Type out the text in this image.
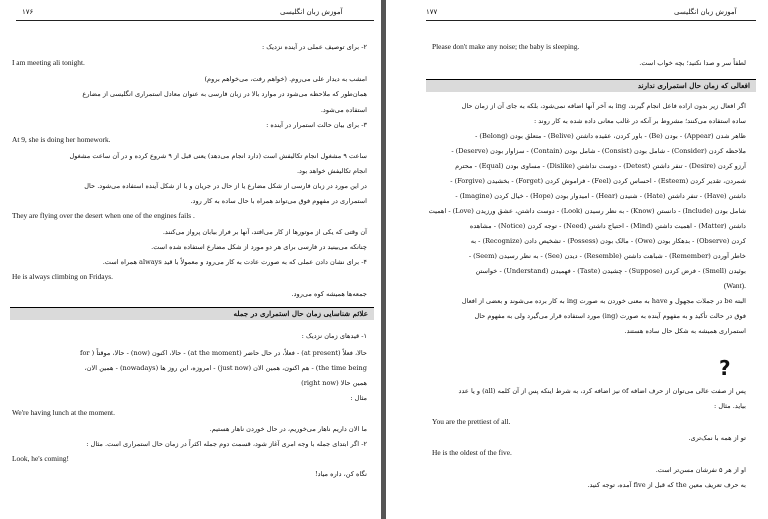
آموزش زبان انگلیسی
۱۷۶
۲- برای توصیف عملی در آینده نزدیک :
I am meeting ali tonight.
امشب به دیدار علی می‌روم. (خواهم رفت، می‌خواهم بروم)
همان‌طور که ملاحظه می‌شود در موارد بالا در زبان فارسی به عنوان معادل استمراری انگلیسی از مضارع
استفاده می‌شود.
۳- برای بیان حالت استمرار در آینده :
At 9, she is doing her homework.
ساعت ۹ مشغول انجام تکالیفش است (دارد انجام می‌دهد) یعنی قبل از ۹ شروع کرده و در آن ساعت مشغول
انجام تکالیفش خواهد بود.
در این مورد در زبان فارسی از شکل مضارع یا از حال در جریان و یا از شکل آینده استفاده می‌شود. حال
استمراری در مفهوم فوق می‌تواند همراه با حال ساده به کار رود.
They are flying over the desert when one of the engines fails .
آن وقتی که یکی از موتورها از کار می‌افتد، آنها بر فراز بیابان پرواز می‌کنند.
چنانکه می‌بینید در فارسی برای هر دو مورد از شکل مضارع استفاده شده است.
۴- برای نشان دادن عملی که به صورت عادت به کار می‌رود و معمولاً با قید always همراه است.
He is always climbing on Fridays.
جمعه‌ها همیشه کوه می‌رود.
علائم شناسایی زمان حال استمراری در جمله
۱- قیدهای زمان نزدیک :
حالا، فعلاً (at present) - فعلاً، در حال حاضر (at the moment) - حالا، اکنون (now) - حالا، موقتاً ( for
the time being) - هم اکنون، همین الان (just now) - امروزه، این روز ها (nowadays) - همین الان،
همین حالا (right now)
مثال :
We're having lunch at the moment.
ما الان داریم ناهار می‌خوریم، در حال خوردن ناهار هستیم.
۲- اگر ابتدای جمله با وجه امری آغاز شود، قسمت دوم جمله اکثراً در زمان حال استمراری است. مثال :
Look, he's coming!
نگاه کن، داره میاد!
آموزش زبان انگلیسی
۱۷۷
Please don't make any noise; the baby is sleeping.
لطفاً سر و صدا نکنید؛ بچه خواب است.
افعالی که زمان حال استمراری ندارند
اگر افعال زیر بدون اراده فاعل انجام گیرند، ing به آخر آنها اضافه نمی‌شود، بلکه به جای آن از زمان حال
ساده استفاده می‌کنند؛ مشروط بر آنکه در غالب معانی داده شده به کار روند :
ظاهر شدن (Appear) - بودن (Be) - باور کردن، عقیده داشتن (Belive) - متعلق بودن (Belong) -
ملاحظه کردن (Consider) - شامل بودن (Consist) - شامل بودن (Contain) - سزاوار بودن (Deserve) -
آرزو کردن (Desire) - تنفر داشتن (Detest) - دوست نداشتن (Dislike) - مساوی بودن (Equal) - محترم
شمردن، تقدیر کردن (Esteem) - احساس کردن (Feel) - فراموش کردن (Forget) - بخشیدن (Forgive) -
داشتن (Have) - تنفر داشتن (Hate) - شنیدن (Hear) - امیدوار بودن (Hope) - خیال کردن (Imagine) -
شامل بودن (Include) - دانستن (Know) - به نظر رسیدن (Look) - دوست داشتن، عشق ورزیدن (Love) - اهمیت
داشتن (Matter) - اهمیت داشتن (Mind) - احتیاج داشتن (Need) - توجه کردن (Notice) - مشاهده
کردن (Observe) - بدهکار بودن (Owe) - مالک بودن (Possess) - تشخیص دادن (Recognize) - به
خاطر آوردن (Remember) - شباهت داشتن (Resemble) - دیدن (See) - به نظر رسیدن (Seem) -
بوئیدن (Smell) - فرض کردن (Suppose) - چشیدن (Taste) - فهمیدن (Understand) - خواستن
(Want).
البته be در جملات مجهول و have به معنی خوردن به صورت ing به کار برده می‌شوند و بعضی از افعال
فوق در حالت تأکید و به مفهوم آینده به صورت (ing) مورد استفاده قرار می‌گیرد ولی به مفهوم حال
استمراری همیشه به شکل حال ساده هستند.
?
پس از صفت عالی می‌توان از حرف اضافه of نیز اضافه کرد، به شرط اینکه پس از آن کلمه (all) و یا عدد
بیاید. مثال :
You are the prettiest of all.
تو از همه با نمک‌تری.
He is the oldest of the five.
او از هر ۵ نفرشان مسن‌تر است.
به حرف تعریف معین the که قبل از five آمده، توجه کنید.
